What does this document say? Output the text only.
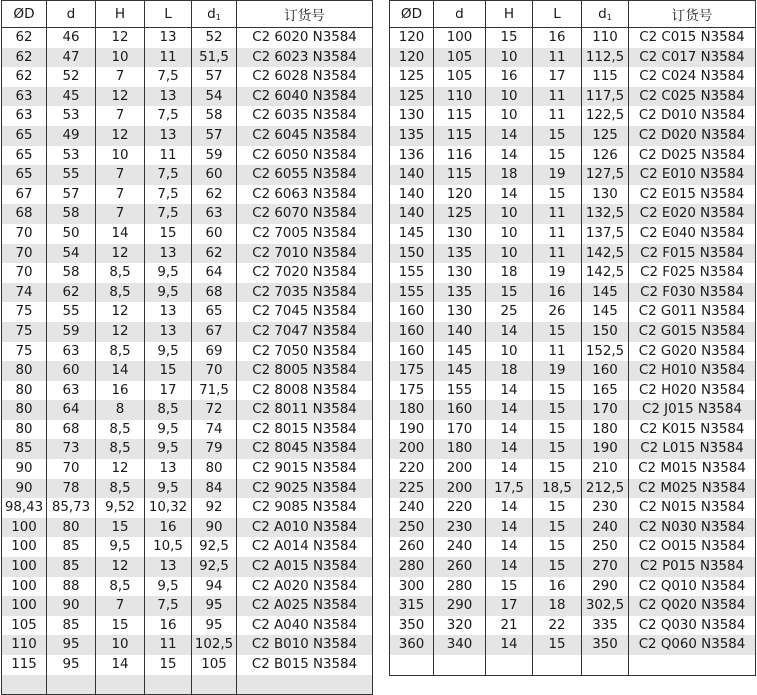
ØD	d	H	L	$d_1$	订货号
62	46	12	13	52	C2 6020 N3584
62	47	10	11	51,5	C2 6023 N3584
62	52	7	7,5	57	C2 6028 N3584
63	45	12	13	54	C2 6040 N3584
63	53	7	7,5	58	C2 6035 N3584
65	49	12	13	57	C2 6045 N3584
65	53	10	11	59	C2 6050 N3584
65	55	7	7,5	60	C2 6055 N3584
67	57	7	7,5	62	C2 6063 N3584
68	58	7	7,5	63	C2 6070 N3584
70	50	14	15	60	C2 7005 N3584
70	54	12	13	62	C2 7010 N3584
70	58	8,5	9,5	64	C2 7020 N3584
74	62	8,5	9,5	68	C2 7035 N3584
75	55	12	13	65	C2 7045 N3584
75	59	12	13	67	C2 7047 N3584
75	63	8,5	9,5	69	C2 7050 N3584
80	60	14	15	70	C2 8005 N3584
80	63	16	17	71,5	C2 8008 N3584
80	64	8	8,5	72	C2 8011 N3584
80	68	8,5	9,5	74	C2 8015 N3584
85	73	8,5	9,5	79	C2 8045 N3584
90	70	12	13	80	C2 9015 N3584
90	78	8,5	9,5	84	C2 9025 N3584
98,43	85,73	9,52	10,32	92	C2 9085 N3584
100	80	15	16	90	C2 A010 N3584
100	85	9,5	10,5	92,5	C2 A014 N3584
100	85	12	13	92,5	C2 A015 N3584
100	88	8,5	9,5	94	C2 A020 N3584
100	90	7	7,5	95	C2 A025 N3584
105	85	15	16	95	C2 A040 N3584
110	95	10	11	102,5	C2 B010 N3584
115	95	14	15	105	C2 B015 N3584

ØD	d	H	L	$d_1$	订货号
120	100	15	16	110	C2 C015 N3584
120	105	10	11	112,5	C2 C017 N3584
125	105	16	17	115	C2 C024 N3584
125	110	10	11	117,5	C2 C025 N3584
130	115	10	11	122,5	C2 D010 N3584
135	115	14	15	125	C2 D020 N3584
136	116	14	15	126	C2 D025 N3584
140	115	18	19	127,5	C2 E010 N3584
140	120	14	15	130	C2 E015 N3584
140	125	10	11	132,5	C2 E020 N3584
145	130	10	11	137,5	C2 E040 N3584
150	135	10	11	142,5	C2 F015 N3584
155	130	18	19	142,5	C2 F025 N3584
155	135	15	16	145	C2 F030 N3584
160	130	25	26	145	C2 G011 N3584
160	140	14	15	150	C2 G015 N3584
160	145	10	11	152,5	C2 G020 N3584
175	145	18	19	160	C2 H010 N3584
175	155	14	15	165	C2 H020 N3584
180	160	14	15	170	C2 J015 N3584
190	170	14	15	180	C2 K015 N3584
200	180	14	15	190	C2 L015 N3584
220	200	14	15	210	C2 M015 N3584
225	200	17,5	18,5	212,5	C2 M025 N3584
240	220	14	15	230	C2 N015 N3584
250	230	14	15	240	C2 N030 N3584
260	240	14	15	250	C2 O015 N3584
280	260	14	15	270	C2 P015 N3584
300	280	15	16	290	C2 Q010 N3584
315	290	17	18	302,5	C2 Q020 N3584
350	320	21	22	335	C2 Q030 N3584
360	340	14	15	350	C2 Q060 N3584
